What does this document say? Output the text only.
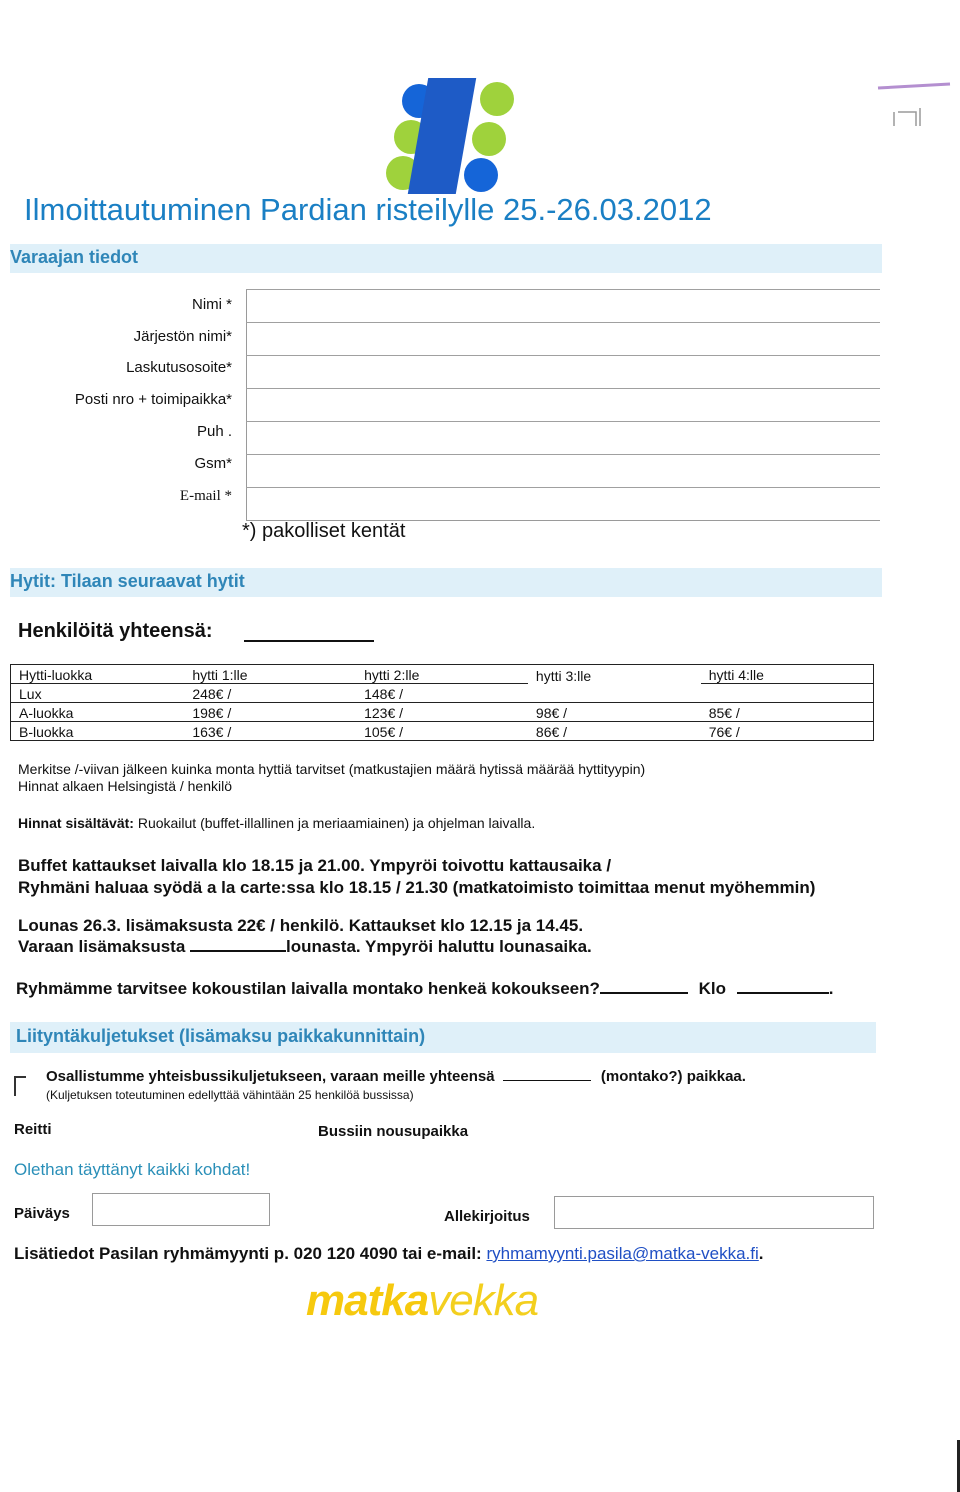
Ilmoittautuminen Pardian risteilylle 25.-26.03.2012
Varaajan tiedot
Nimi *
Järjestön nimi*
Laskutusosoite*
Posti nro + toimipaikka*
Puh .
Gsm*
E-mail *
*) pakolliset kentät
Hytit: Tilaan seuraavat hytit
Henkilöitä yhteensä:
Hytti-luokka	hytti 1:lle	hytti 2:lle	hytti 3:lle	hytti 4:lle
Lux	248€ /	148€ /		
A-luokka	198€ /	123€ /	98€ /	85€ /
B-luokka	163€ /	105€ /	86€ /	76€ /
Merkitse /-viivan jälkeen kuinka monta hyttiä tarvitset (matkustajien määrä hytissä määrää hyttityypin)
Hinnat alkaen Helsingistä / henkilö
Hinnat sisältävät: Ruokailut (buffet-illallinen ja meriaamiainen) ja ohjelman laivalla.
Buffet kattaukset laivalla klo 18.15 ja 21.00. Ympyröi toivottu kattausaika /
Ryhmäni haluaa syödä a la carte:ssa klo 18.15 / 21.30 (matkatoimisto toimittaa menut myöhemmin)
Lounas 26.3. lisämaksusta 22€ / henkilö. Kattaukset klo 12.15 ja 14.45.
Varaan lisämaksusta	lounasta. Ympyröi haluttu lounasaika.
Ryhmämme tarvitsee kokoustilan laivalla montako henkeä kokoukseen?	Klo	.
Liityntäkuljetukset (lisämaksu paikkakunnittain)
Osallistumme yhteisbussikuljetukseen, varaan meille yhteensä	(montako?) paikkaa.
(Kuljetuksen toteutuminen edellyttää vähintään 25 henkilöä bussissa)
Reitti	Bussiin nousupaikka
Olethan täyttänyt kaikki kohdat!
Päiväys	Allekirjoitus
Lisätiedot Pasilan ryhmämyynti p. 020 120 4090 tai e-mail: ryhmamyynti.pasila@matka-vekka.fi.
matkavekka
